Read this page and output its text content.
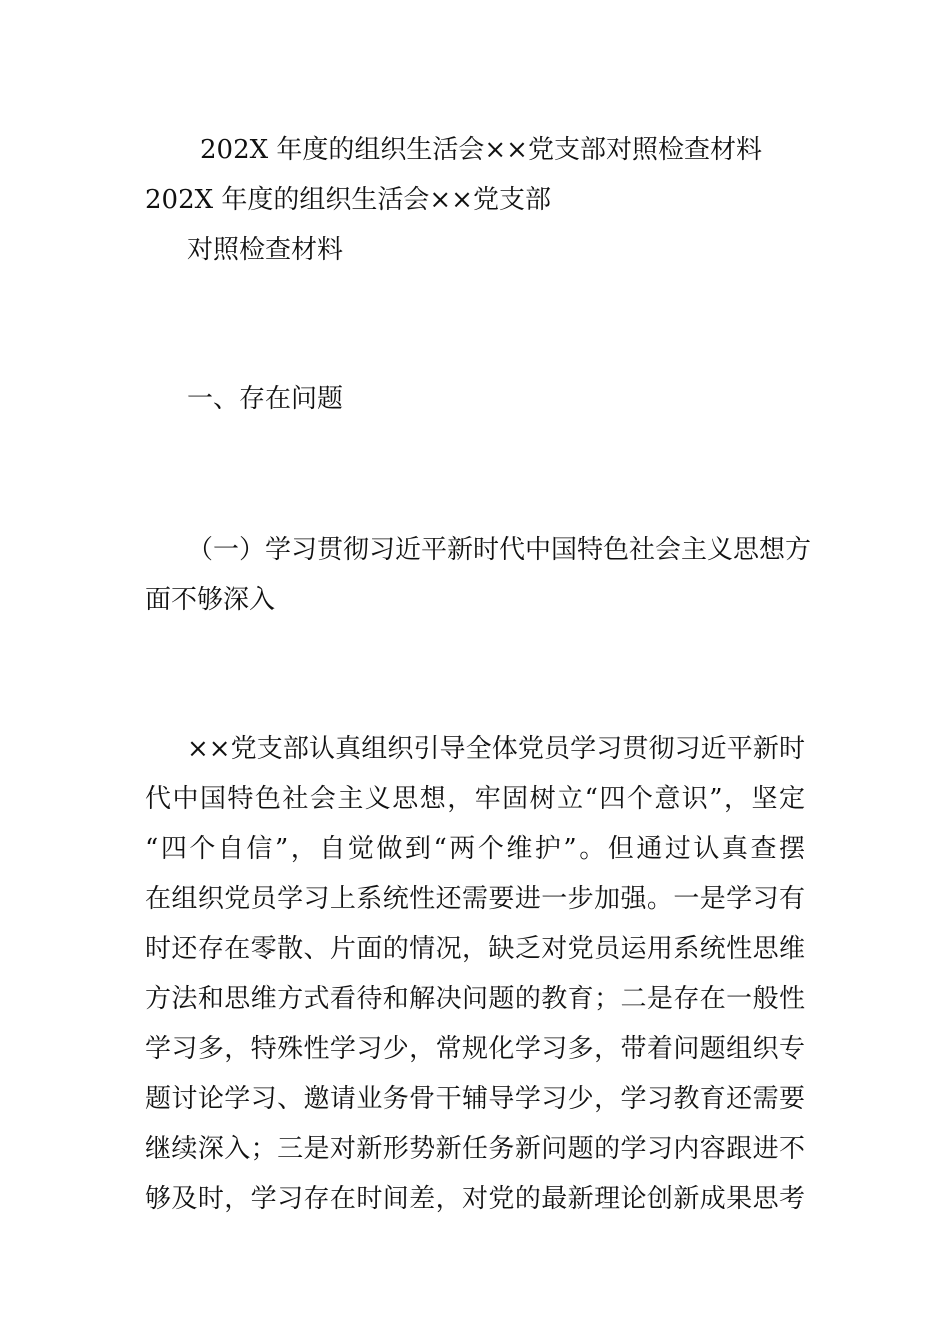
202X 年度的组织生活会××党支部对照检查材料
202X 年度的组织生活会××党支部
对照检查材料
一、存在问题
（一）学习贯彻习近平新时代中国特色社会主义思想方
面不够深入
××党支部认真组织引导全体党员学习贯彻习近平新时
代中国特色社会主义思想，牢固树立“四个意识”，坚定
“四个自信”，自觉做到“两个维护”。但通过认真查摆
在组织党员学习上系统性还需要进一步加强。一是学习有
时还存在零散、片面的情况，缺乏对党员运用系统性思维
方法和思维方式看待和解决问题的教育；二是存在一般性
学习多，特殊性学习少，常规化学习多，带着问题组织专
题讨论学习、邀请业务骨干辅导学习少，学习教育还需要
继续深入；三是对新形势新任务新问题的学习内容跟进不
够及时，学习存在时间差，对党的最新理论创新成果思考
